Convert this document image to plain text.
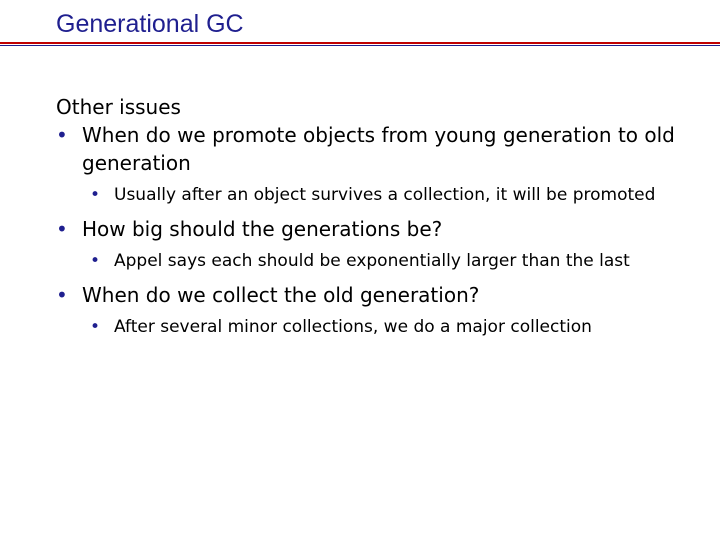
Generational GC
Other issues
• When do we promote objects from young generation to old generation
• Usually after an object survives a collection, it will be promoted
• How big should the generations be?
• Appel says each should be exponentially larger than the last
• When do we collect the old generation?
• After several minor collections, we do a major collection
